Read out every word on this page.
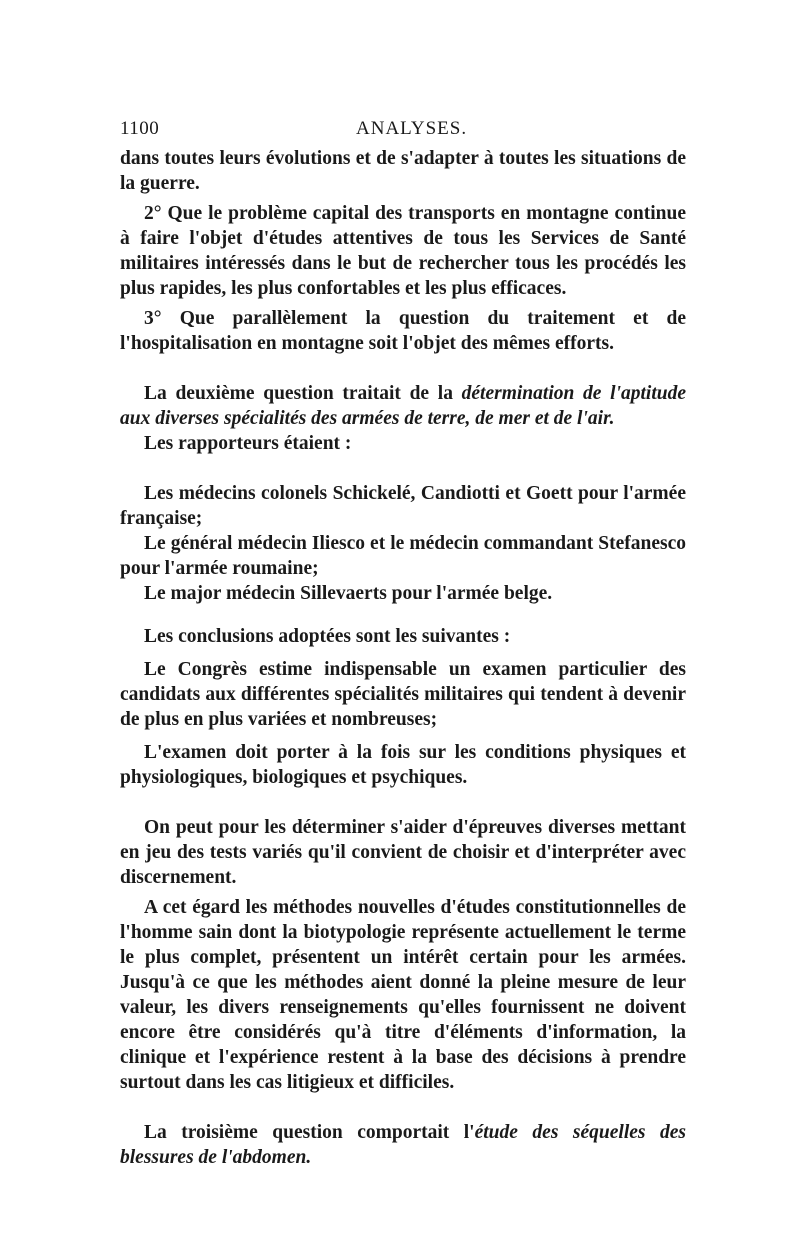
1100	ANALYSES.

dans toutes leurs évolutions et de s'adapter à toutes les situations de la guerre.

2° Que le problème capital des transports en montagne continue à faire l'objet d'études attentives de tous les Services de Santé militaires intéressés dans le but de rechercher tous les procédés les plus rapides, les plus confortables et les plus efficaces.

3° Que parallèlement la question du traitement et de l'hospitalisation en montagne soit l'objet des mêmes efforts.

La deuxième question traitait de la détermination de l'aptitude aux diverses spécialités des armées de terre, de mer et de l'air.

Les rapporteurs étaient :

Les médecins colonels Schickelé, Candiotti et Goett pour l'armée française;

Le général médecin Iliesco et le médecin commandant Stefanesco pour l'armée roumaine;

Le major médecin Sillevaerts pour l'armée belge.

Les conclusions adoptées sont les suivantes :

Le Congrès estime indispensable un examen particulier des candidats aux différentes spécialités militaires qui tendent à devenir de plus en plus variées et nombreuses;

L'examen doit porter à la fois sur les conditions physiques et physiologiques, biologiques et psychiques.

On peut pour les déterminer s'aider d'épreuves diverses mettant en jeu des tests variés qu'il convient de choisir et d'interpréter avec discernement.

A cet égard les méthodes nouvelles d'études constitutionnelles de l'homme sain dont la biotypologie représente actuellement le terme le plus complet, présentent un intérêt certain pour les armées. Jusqu'à ce que les méthodes aient donné la pleine mesure de leur valeur, les divers renseignements qu'elles fournissent ne doivent encore être considérés qu'à titre d'éléments d'information, la clinique et l'expérience restent à la base des décisions à prendre surtout dans les cas litigieux et difficiles.

La troisième question comportait l'étude des séquelles des blessures de l'abdomen.
